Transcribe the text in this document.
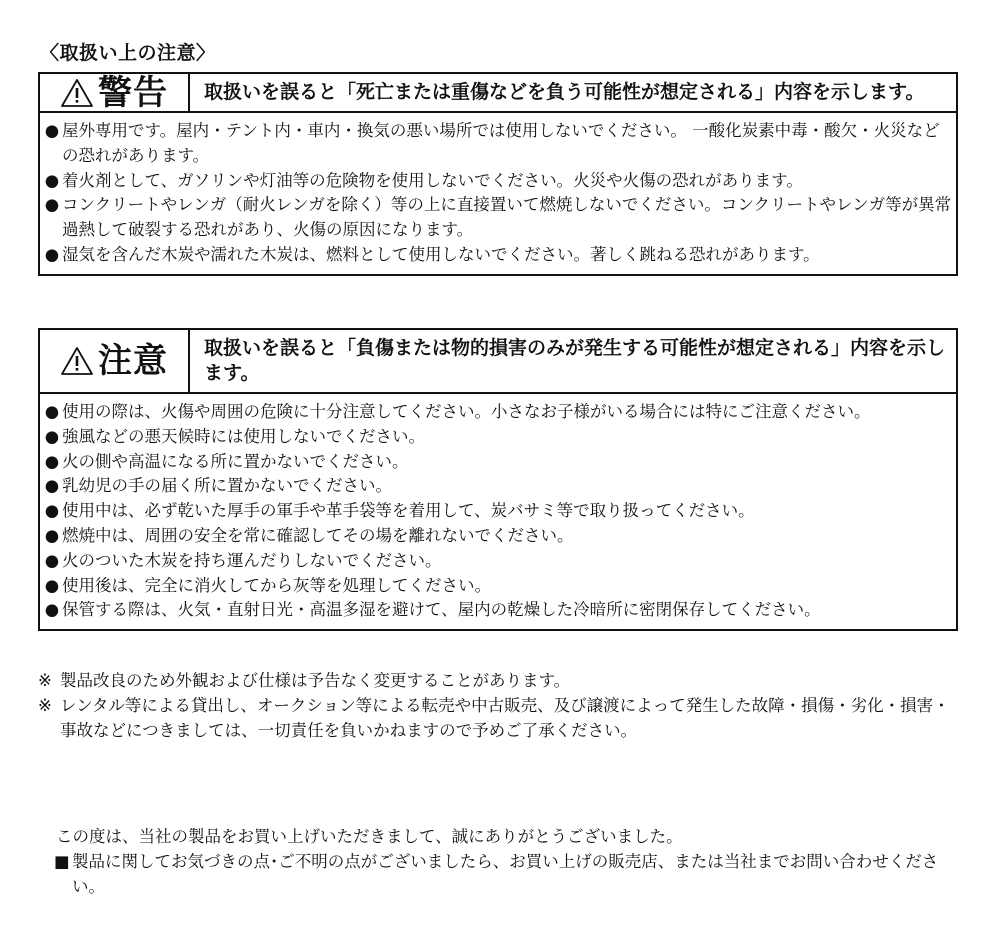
〈取扱い上の注意〉
警告	取扱いを誤ると「死亡または重傷などを負う可能性が想定される」内容を示します。
● 屋外専用です。屋内・テント内・車内・換気の悪い場所では使用しないでください。 一酸化炭素中毒・酸欠・火災などの恐れがあります。
● 着火剤として、ガソリンや灯油等の危険物を使用しないでください。火災や火傷の恐れがあります。
● コンクリートやレンガ（耐火レンガを除く）等の上に直接置いて燃焼しないでください。コンクリートやレンガ等が異常過熱して破裂する恐れがあり、火傷の原因になります。
● 湿気を含んだ木炭や濡れた木炭は、燃料として使用しないでください。著しく跳ねる恐れがあります。
注意	取扱いを誤ると「負傷または物的損害のみが発生する可能性が想定される」内容を示します。
● 使用の際は、火傷や周囲の危険に十分注意してください。小さなお子様がいる場合には特にご注意ください。
● 強風などの悪天候時には使用しないでください。
● 火の側や高温になる所に置かないでください。
● 乳幼児の手の届く所に置かないでください。
● 使用中は、必ず乾いた厚手の軍手や革手袋等を着用して、炭バサミ等で取り扱ってください。
● 燃焼中は、周囲の安全を常に確認してその場を離れないでください。
● 火のついた木炭を持ち運んだりしないでください。
● 使用後は、完全に消火してから灰等を処理してください。
● 保管する際は、火気・直射日光・高温多湿を避けて、屋内の乾燥した冷暗所に密閉保存してください。
※ 製品改良のため外観および仕様は予告なく変更することがあります。
※ レンタル等による貸出し、オークション等による転売や中古販売、及び譲渡によって発生した故障・損傷・劣化・損害・事故などにつきましては、一切責任を負いかねますので予めご了承ください。
この度は、当社の製品をお買い上げいただきまして、誠にありがとうございました。
■ 製品に関してお気づきの点･ご不明の点がございましたら、お買い上げの販売店、または当社までお問い合わせください。
